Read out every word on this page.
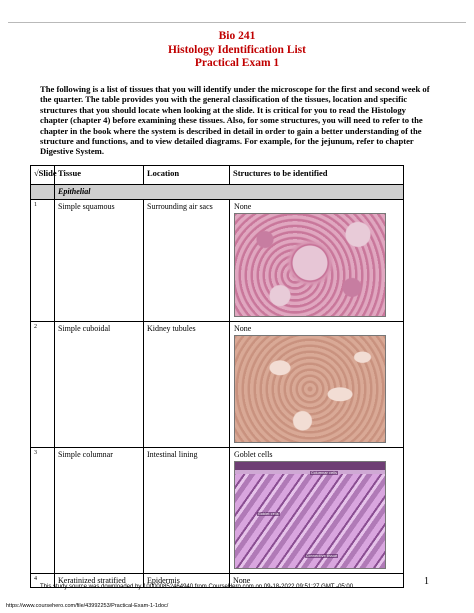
Bio 241
Histology Identification List
Practical Exam 1
The following is a list of tissues that you will identify under the microscope for the first and second week of the quarter. The table provides you with the general classification of the tissues, location and specific structures that you should locate when looking at the slide. It is critical for you to read the Histology chapter (chapter 4) before examining these tissues. Also, for some structures, you will need to refer to the chapter in the book where the system is described in detail in order to gain a better understanding of the structure and functions, and to view detailed diagrams. For example, for the jejunum, refer to chapter Digestive System.
√Slide	Tissue	Location	Structures to be identified
	Epithelial		
1	Simple squamous	Surrounding air sacs	None

2	Simple cuboidal	Kidney tubules	None

3	Simple columnar	Intestinal lining	Goblet cells
Columnar cells
Goblet cells
Connective tissue

4	Keratinized stratified	Epidermis	None
This study source was downloaded by 100000852464940 from CourseHero.com on 09-18-2022 09:51:27 GMT -05:00	1
https://www.coursehero.com/file/43992253/Practical-Exam-1-1doc/
